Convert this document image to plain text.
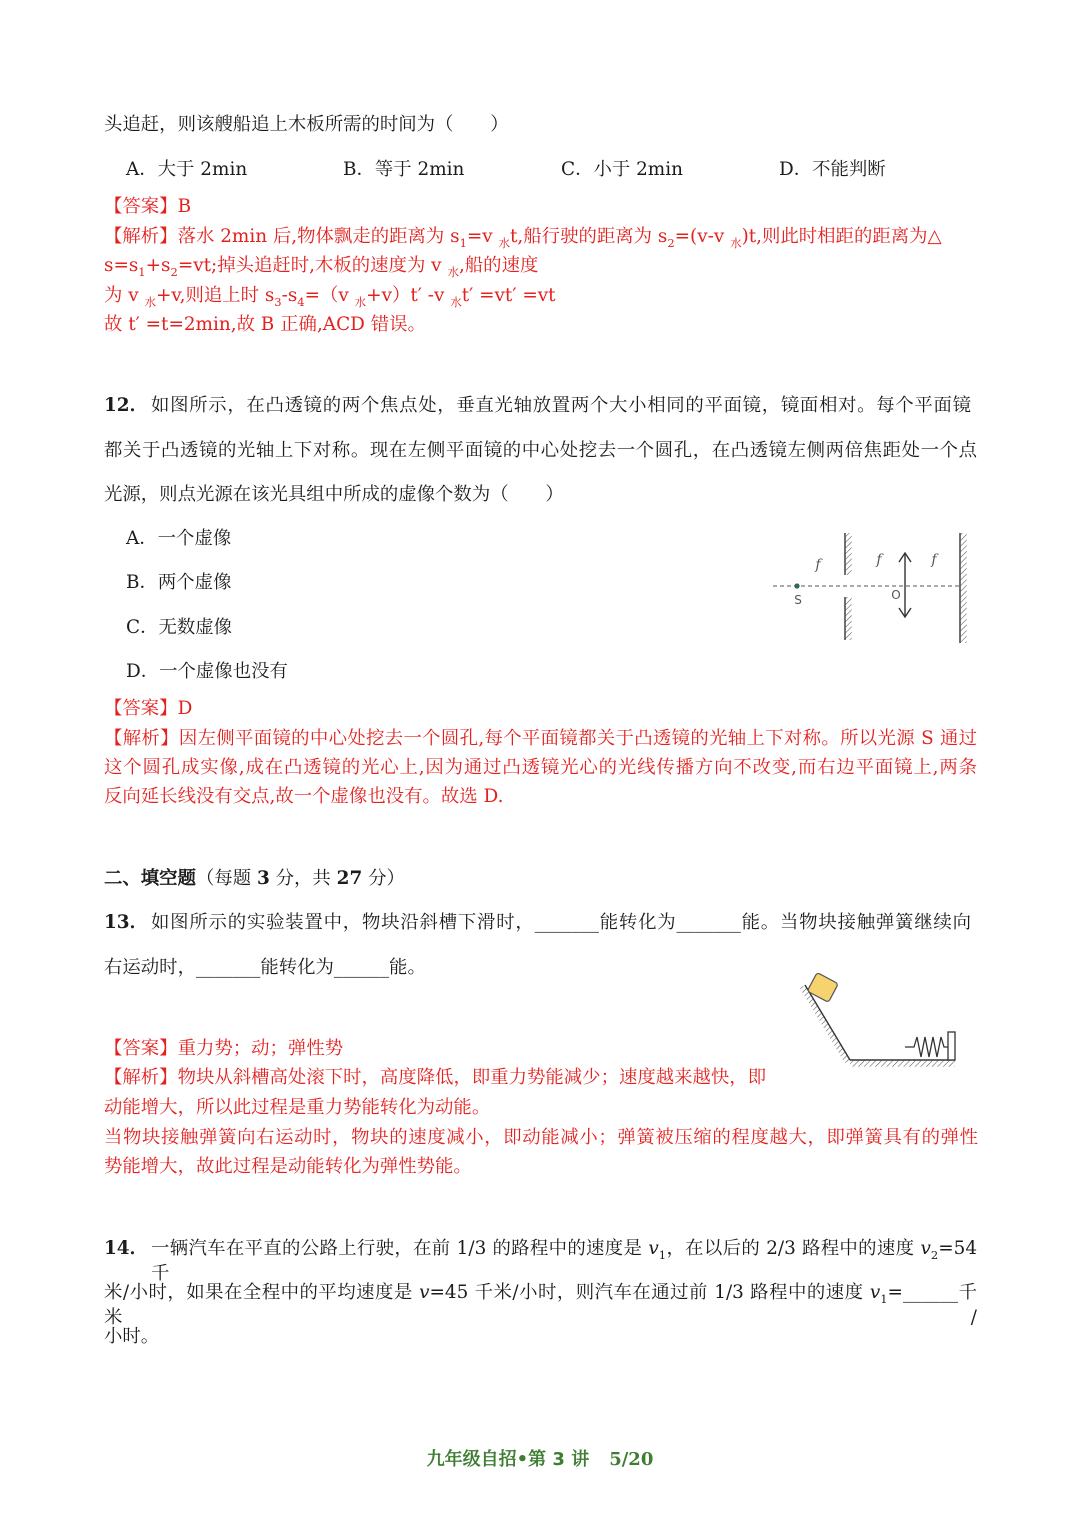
头追赶，则该艘船追上木板所需的时间为（　　）
A．大于 2min	B．等于 2min	C．小于 2min	D．不能判断
【答案】B
【解析】落水 2min 后,物体飘走的距离为 $s_1=v$ $_水$t,船行驶的距离为 $s_2=(v-v$ $_水$)t,则此时相距的距离为△
$s=s_1+s_2=vt$;掉头追赶时,木板的速度为 v $_水$,船的速度
为 v $_水$+v,则追上时 $s_3-s_4=(v$ $_水$+v）t′ -v $_水$t′ =vt′ =vt
故 t′ =t=2min,故 B 正确,ACD 错误。
12． 如图所示，在凸透镜的两个焦点处，垂直光轴放置两个大小相同的平面镜，镜面相对。每个平面镜
都关于凸透镜的光轴上下对称。现在左侧平面镜的中心处挖去一个圆孔，在凸透镜左侧两倍焦距处一个点
光源，则点光源在该光具组中所成的虚像个数为（　　）
A．一个虚像
B．两个虚像
C．无数虚像
D．一个虚像也没有
S
f	f	f
O
【答案】D
【解析】因左侧平面镜的中心处挖去一个圆孔,每个平面镜都关于凸透镜的光轴上下对称。所以光源 S 通过
这个圆孔成实像,成在凸透镜的光心上,因为通过凸透镜光心的光线传播方向不改变,而右边平面镜上,两条
反向延长线没有交点,故一个虚像也没有。故选 D.
二、填空题（每题 3 分，共 27 分）
13． 如图所示的实验装置中，物块沿斜槽下滑时，_______能转化为_______能。当物块接触弹簧继续向
右运动时，_______能转化为______能。
【答案】重力势；动；弹性势
【解析】物块从斜槽高处滚下时，高度降低，即重力势能减少；速度越来越快，即
动能增大，所以此过程是重力势能转化为动能。
当物块接触弹簧向右运动时，物块的速度减小，即动能减小；弹簧被压缩的程度越大，即弹簧具有的弹性
势能增大，故此过程是动能转化为弹性势能。
14． 一辆汽车在平直的公路上行驶，在前 1/3 的路程中的速度是 $v_1$，在以后的 2/3 路程中的速度 $v_2=54$ 千
米/小时，如果在全程中的平均速度是 v=45 千米/小时，则汽车在通过前 1/3 路程中的速度 $v_1=\_\_\_\_\_\_$千米/
小时。
九年级自招•第 3 讲 5/20
